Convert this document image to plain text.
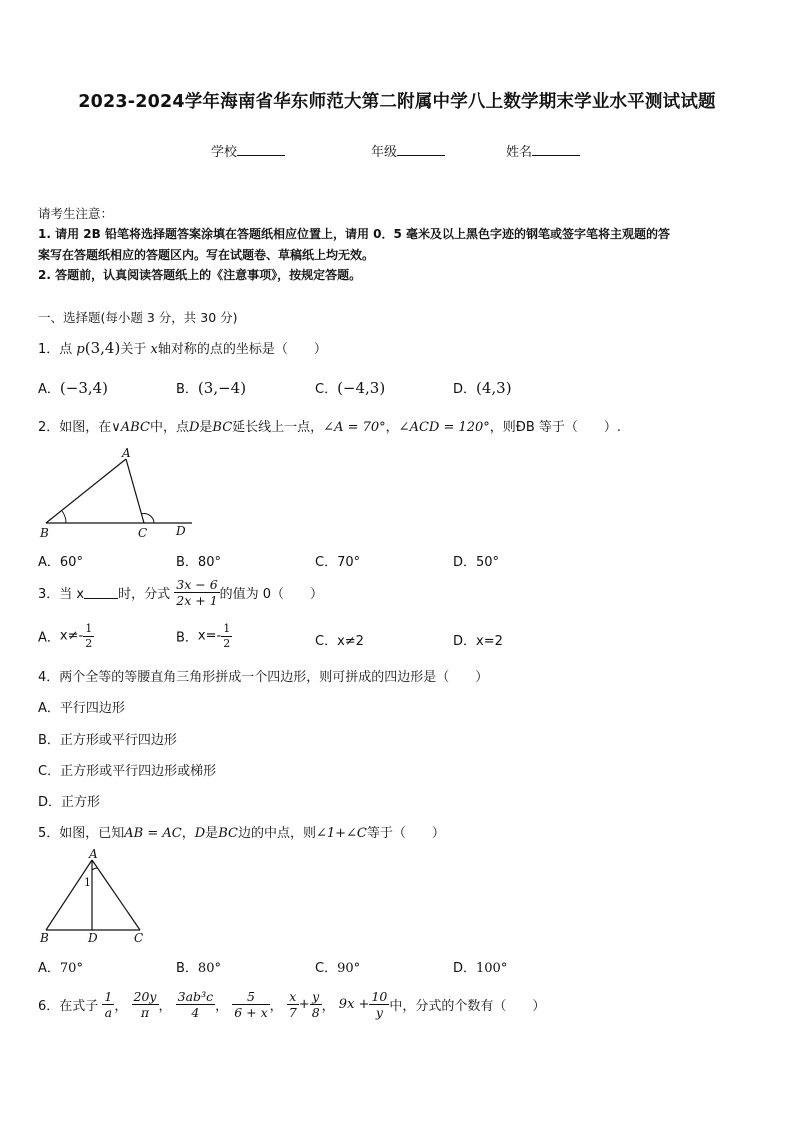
2023-2024学年海南省华东师范大第二附属中学八上数学期末学业水平测试试题
学校	年级	姓名
请考生注意：
1. 请用 2B 铅笔将选择题答案涂填在答题纸相应位置上，请用 0．5 毫米及以上黑色字迹的钢笔或签字笔将主观题的答
案写在答题纸相应的答题区内。写在试题卷、草稿纸上均无效。
2. 答题前，认真阅读答题纸上的《注意事项》，按规定答题。
一、选择题(每小题 3 分，共 30 分)
1．点 p(3,4)关于 x轴对称的点的坐标是（　　）
A．(−3,4)	B．(3,−4)	C．(−4,3)	D．(4,3)
2．如图，在∨ABC中，点D是BC延长线上一点，∠A = 70°，∠ACD = 120°，则ÐB 等于（　　）.
A
B	C D
A．60°	B．80°	C．70°	D．50°
3．当 x	时，分式 $\frac{3x - 6}{2x + 1}$ 的值为 0（　　）
A．$x\ne- \frac{1}{2}$	B．$x=- \frac{1}{2}$	C．x≠2	D．x=2
4．两个全等的等腰直角三角形拼成一个四边形，则可拼成的四边形是（　　）
A．平行四边形
B．正方形或平行四边形
C．正方形或平行四边形或梯形
D．正方形
5．如图，已知AB = AC，D是BC边的中点，则∠1+∠C等于（　　）
A
1
B	D	C
A．70°	B．80°	C．90°	D．100°
6．在式子 $\frac{1}{a}$ ， $\frac{20y}{\pi}$ ， $\frac{\text{3ab³c}}{4}$ ， $\frac{5}{6 + x}$ ， $\frac{x}{7} + \frac{y}{8}$ ， $9x + \frac{10}{y}$ 中，分式的个数有（　　）
